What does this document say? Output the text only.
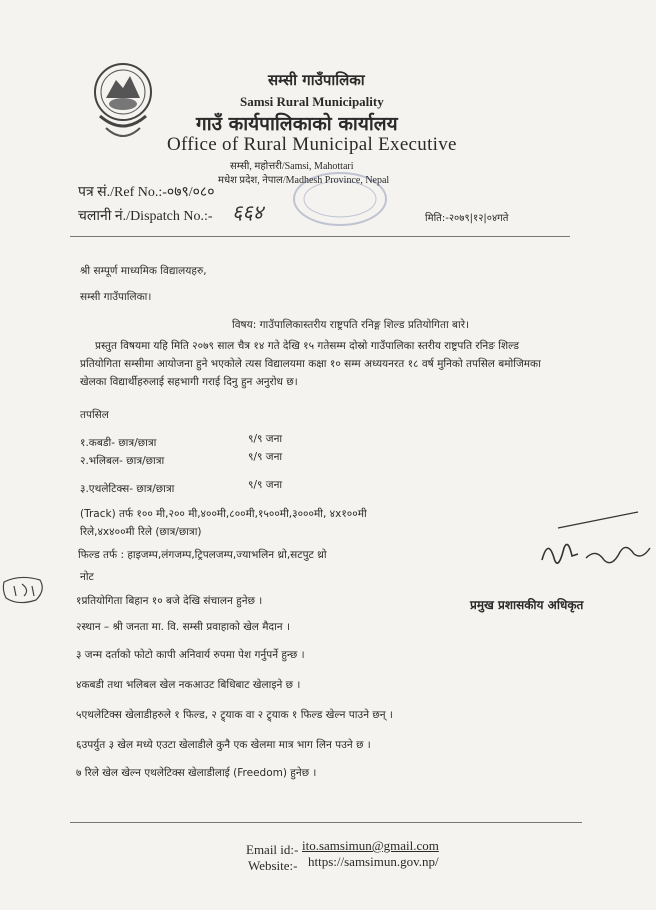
सम्सी गाउँपालिका
Samsi Rural Municipality
गाउँ कार्यपालिकाको कार्यालय
Office of Rural Municipal Executive
सम्सी, महोत्तरी/Samsi, Mahottari
मधेश प्रदेश, नेपाल/Madhesh Province, Nepal
पत्र सं./Ref No.:-०७९/०८०
चलानी नं./Dispatch No.:- ६६४	मिति:-२०७९|१२|०४गते
श्री सम्पूर्ण माध्यमिक विद्यालयहरु,
सम्सी गाउँपालिका।
विषय: गाउँपालिकास्तरीय राष्ट्रपति रनिङ्ग शिल्ड प्रतियोगिता बारे।
प्रस्तुत विषयमा यहि मिति २०७९ साल चैत्र १४ गते देखि १५ गतेसम्म दोस्रो गाउँपालिका स्तरीय राष्ट्रपति रनिङ शिल्ड प्रतियोगिता सम्सीमा आयोजना हुने भएकोले त्यस विद्यालयमा कक्षा १० सम्म अध्ययनरत १८ वर्ष मुनिको तपसिल बमोजिमका खेलका विद्यार्थीहरुलाई सहभागी गराई दिनु हुन अनुरोध छ।
तपसिल
१.कबडी- छात्र/छात्रा	९/९ जना
२.भलिबल- छात्र/छात्रा	९/९ जना
३.एथलेटिक्स- छात्र/छात्रा	९/९ जना
(Track) तर्फ १०० मी,२०० मी,४००मी,८००मी,१५००मी,३०००मी, ४x१००मी रिले,४x४००मी रिले (छात्र/छात्रा)
फिल्ड तर्फ : हाइजम्प,लंगजम्प,ट्रिपलजम्प,ज्याभलिन थ्रो,सटपुट थ्रो
नोट
१प्रतियोगिता बिहान १० बजे देखि संचालन हुनेछ ।
२स्थान – श्री जनता मा. वि. सम्सी प्रवाहाको खेल मैदान ।
३ जन्म दर्ताको फोटो कापी अनिवार्य रुपमा पेश गर्नुपर्ने हुन्छ ।
४कबडी तथा भलिबल खेल नकआउट बिधिबाट खेलाइने छ ।
५एथलेटिक्स खेलाडीहरुले १ फिल्ड, २ ट्र्याक वा २ ट्र्याक १ फिल्ड खेल्न पाउने छन् ।
६उपर्युत ३ खेल मध्ये एउटा खेलाडीले कुनै एक खेलमा मात्र भाग लिन पउने छ ।
७ रिले खेल खेल्न एथलेटिक्स खेलाडीलाई (Freedom) हुनेछ ।
प्रमुख प्रशासकीय अधिकृत
Email id:- ito.samsimun@gmail.com
Website:- https://samsimun.gov.np/
